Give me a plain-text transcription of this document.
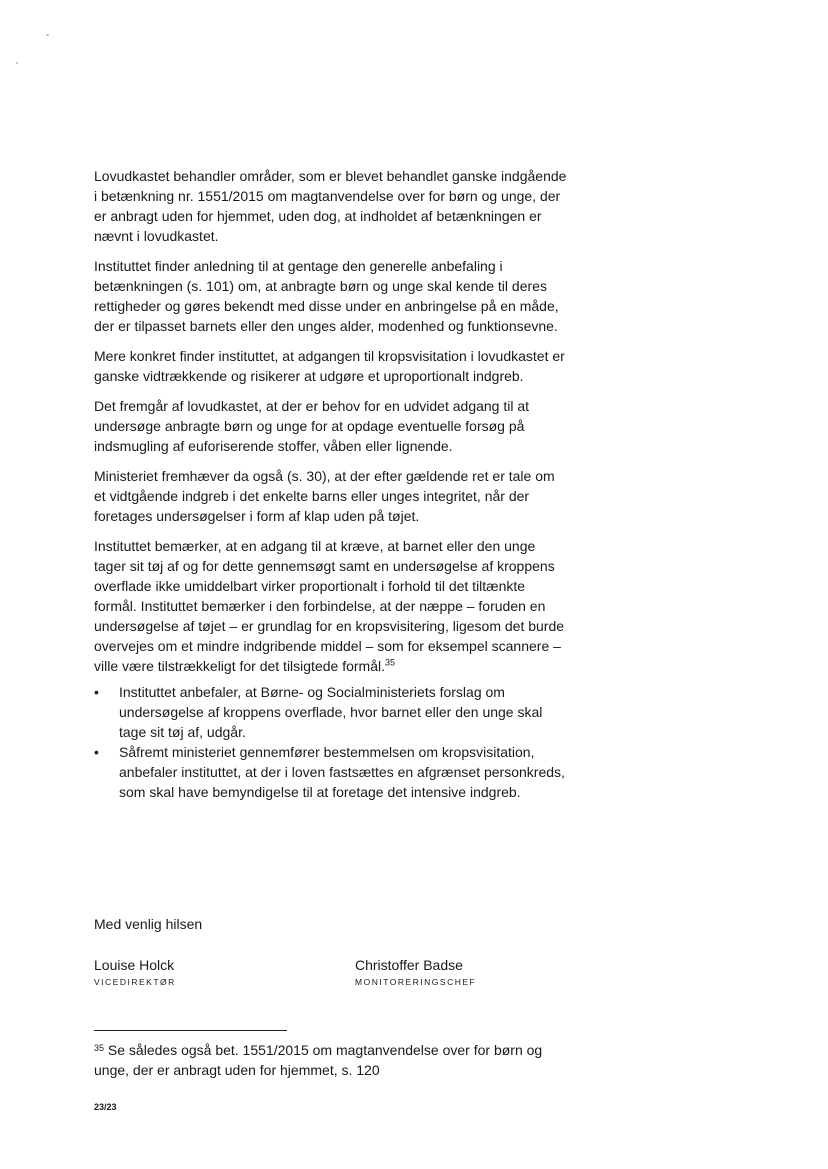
Lovudkastet behandler områder, som er blevet behandlet ganske indgående i betænkning nr. 1551/2015 om magtanvendelse over for børn og unge, der er anbragt uden for hjemmet, uden dog, at indholdet af betænkningen er nævnt i lovudkastet.

Instituttet finder anledning til at gentage den generelle anbefaling i betænkningen (s. 101) om, at anbragte børn og unge skal kende til deres rettigheder og gøres bekendt med disse under en anbringelse på en måde, der er tilpasset barnets eller den unges alder, modenhed og funktionsevne.

Mere konkret finder instituttet, at adgangen til kropsvisitation i lovudkastet er ganske vidtrækkende og risikerer at udgøre et uproportionalt indgreb.

Det fremgår af lovudkastet, at der er behov for en udvidet adgang til at undersøge anbragte børn og unge for at opdage eventuelle forsøg på indsmugling af euforiserende stoffer, våben eller lignende.

Ministeriet fremhæver da også (s. 30), at der efter gældende ret er tale om et vidtgående indgreb i det enkelte barns eller unges integritet, når der foretages undersøgelser i form af klap uden på tøjet.

Instituttet bemærker, at en adgang til at kræve, at barnet eller den unge tager sit tøj af og for dette gennemsøgt samt en undersøgelse af kroppens overflade ikke umiddelbart virker proportionalt i forhold til det tiltænkte formål. Instituttet bemærker i den forbindelse, at der næppe – foruden en undersøgelse af tøjet – er grundlag for en kropsvisitering, ligesom det burde overvejes om et mindre indgribende middel – som for eksempel scannere – ville være tilstrækkeligt for det tilsigtede formål.$^{35}$

•	Instituttet anbefaler, at Børne- og Socialministeriets forslag om undersøgelse af kroppens overflade, hvor barnet eller den unge skal tage sit tøj af, udgår.
•	Såfremt ministeriet gennemfører bestemmelsen om kropsvisitation, anbefaler instituttet, at der i loven fastsættes en afgrænset personkreds, som skal have bemyndigelse til at foretage det intensive indgreb.
Med venlig hilsen
Louise Holck
VICEDIREKTØR
Christoffer Badse
MONITORERINGSCHEF
$^{35}$ Se således også bet. 1551/2015 om magtanvendelse over for børn og unge, der er anbragt uden for hjemmet, s. 120
23/23
